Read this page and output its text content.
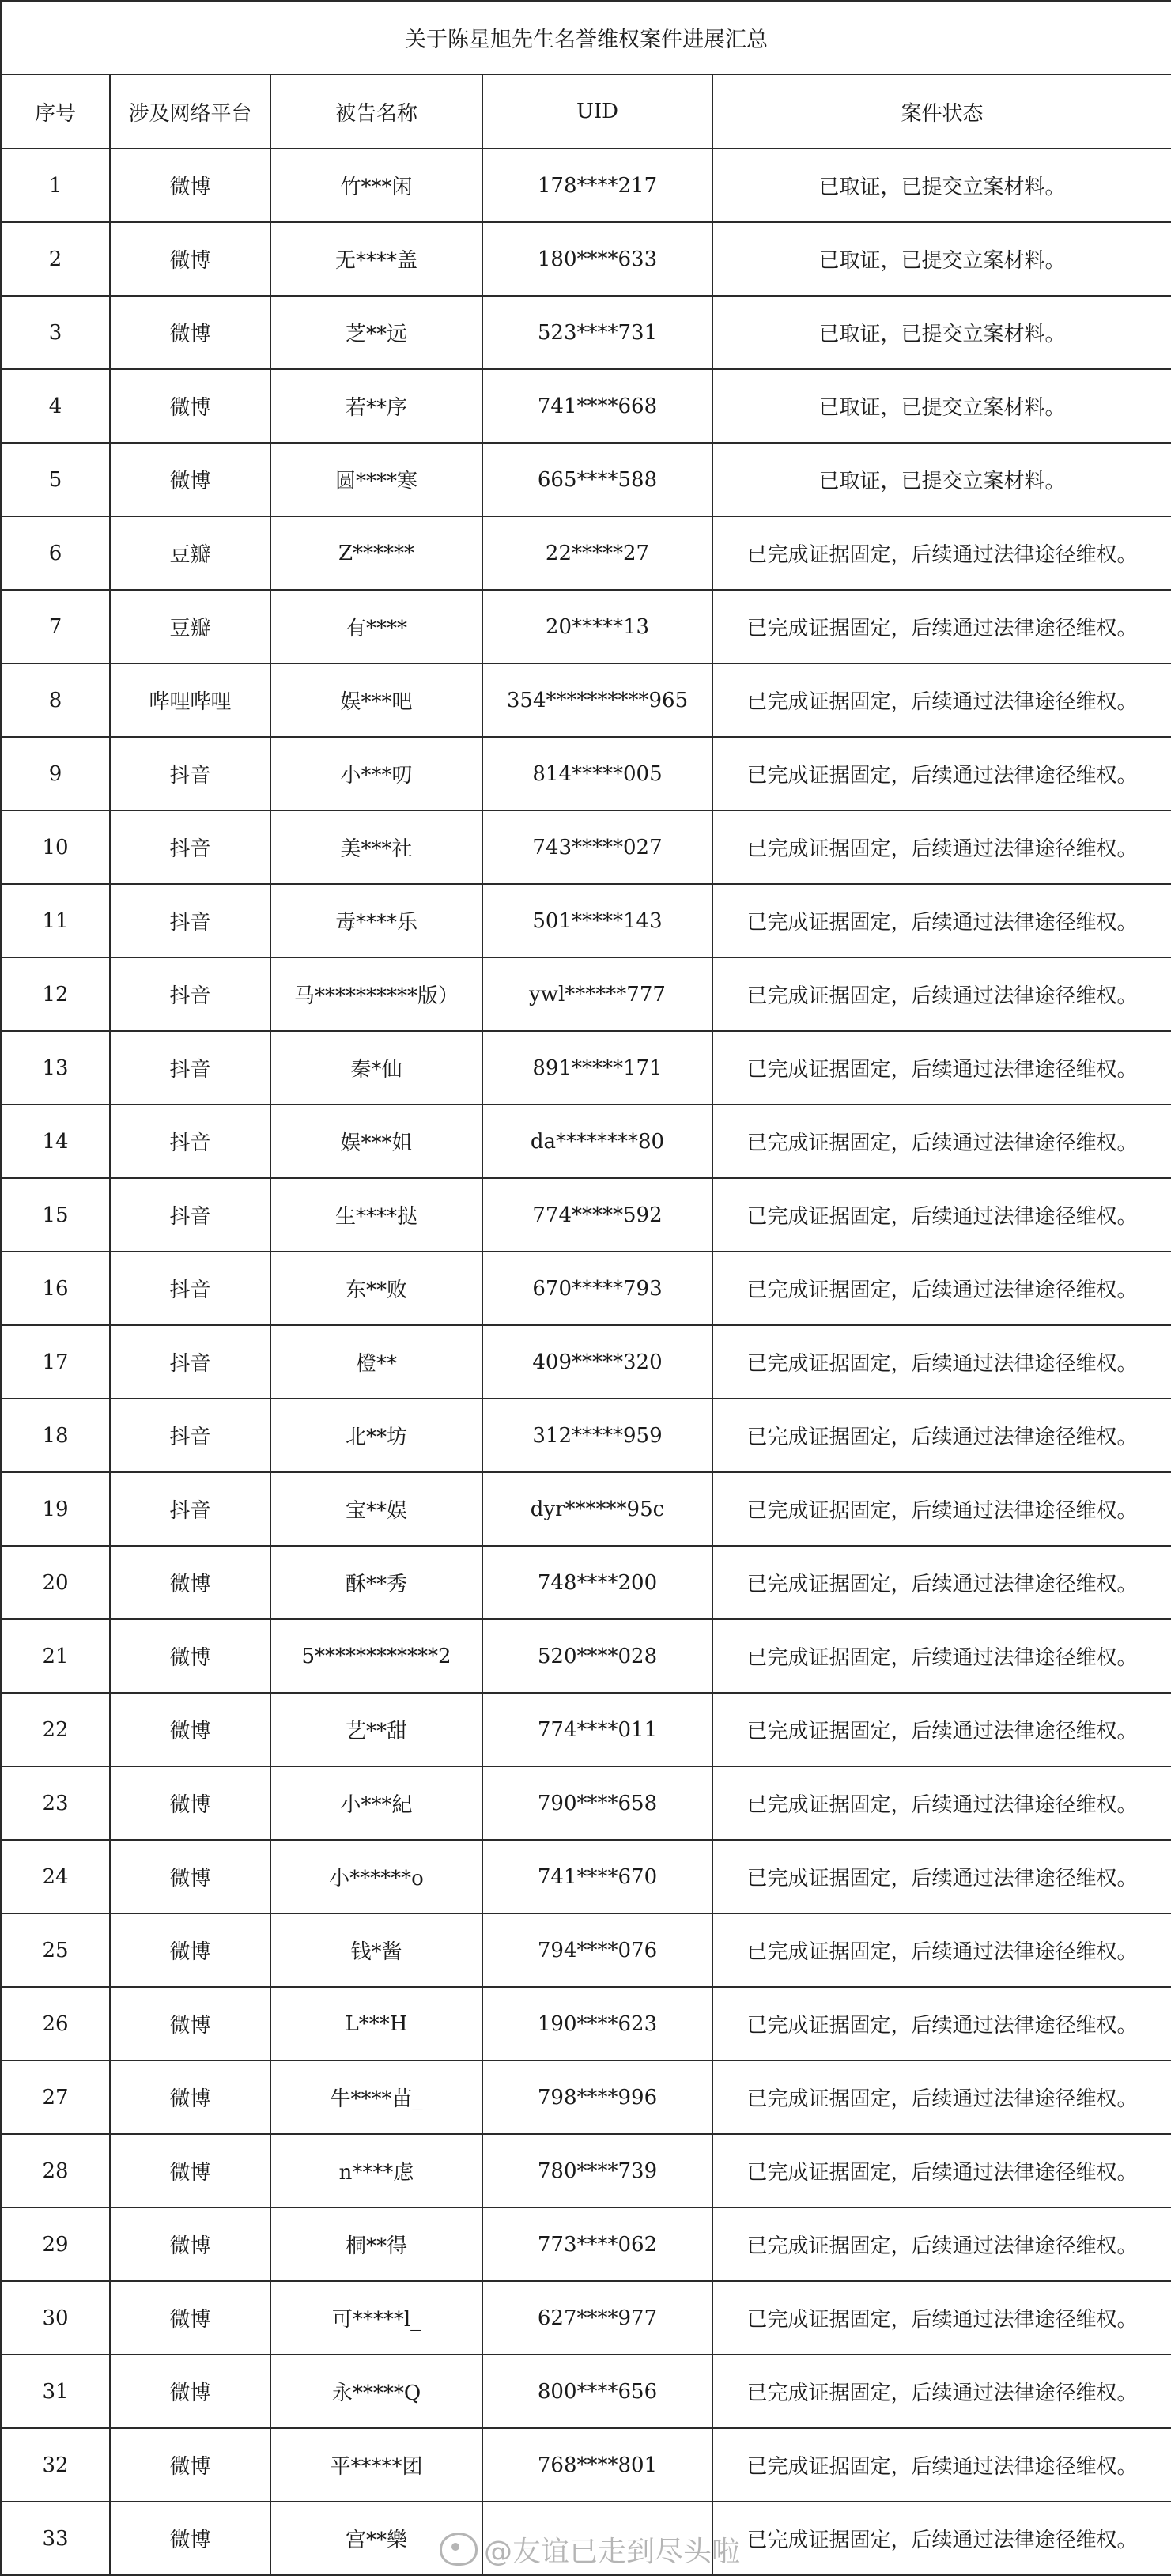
关于陈星旭先生名誉维权案件进展汇总				
序号	涉及网络平台	被告名称	UID	案件状态
1	微博	竹***闲	178****217	已取证，已提交立案材料。
2	微博	无****盖	180****633	已取证，已提交立案材料。
3	微博	芝**远	523****731	已取证，已提交立案材料。
4	微博	若**序	741****668	已取证，已提交立案材料。
5	微博	圆****寒	665****588	已取证，已提交立案材料。
6	豆瓣	Z******	22*****27	已完成证据固定，后续通过法律途径维权。
7	豆瓣	有****	20*****13	已完成证据固定，后续通过法律途径维权。
8	哔哩哔哩	娱***吧	354**********965	已完成证据固定，后续通过法律途径维权。
9	抖音	小***叨	814*****005	已完成证据固定，后续通过法律途径维权。
10	抖音	美***社	743*****027	已完成证据固定，后续通过法律途径维权。
11	抖音	毒****乐	501*****143	已完成证据固定，后续通过法律途径维权。
12	抖音	马**********版）	ywl******777	已完成证据固定，后续通过法律途径维权。
13	抖音	秦*仙	891*****171	已完成证据固定，后续通过法律途径维权。
14	抖音	娱***姐	da********80	已完成证据固定，后续通过法律途径维权。
15	抖音	生****挞	774*****592	已完成证据固定，后续通过法律途径维权。
16	抖音	东**败	670*****793	已完成证据固定，后续通过法律途径维权。
17	抖音	橙**	409*****320	已完成证据固定，后续通过法律途径维权。
18	抖音	北**坊	312*****959	已完成证据固定，后续通过法律途径维权。
19	抖音	宝**娱	dyr******95c	已完成证据固定，后续通过法律途径维权。
20	微博	酥**秀	748****200	已完成证据固定，后续通过法律途径维权。
21	微博	5************2	520****028	已完成证据固定，后续通过法律途径维权。
22	微博	艺**甜	774****011	已完成证据固定，后续通过法律途径维权。
23	微博	小***紀	790****658	已完成证据固定，后续通过法律途径维权。
24	微博	小******o	741****670	已完成证据固定，后续通过法律途径维权。
25	微博	钱*酱	794****076	已完成证据固定，后续通过法律途径维权。
26	微博	L***H	190****623	已完成证据固定，后续通过法律途径维权。
27	微博	牛****苗_	798****996	已完成证据固定，后续通过法律途径维权。
28	微博	n****虑	780****739	已完成证据固定，后续通过法律途径维权。
29	微博	桐**得	773****062	已完成证据固定，后续通过法律途径维权。
30	微博	可*****l_	627****977	已完成证据固定，后续通过法律途径维权。
31	微博	永*****Q	800****656	已完成证据固定，后续通过法律途径维权。
32	微博	平*****团	768****801	已完成证据固定，后续通过法律途径维权。
33	微博	宫**樂		已完成证据固定，后续通过法律途径维权。
@友谊已走到尽头啦
